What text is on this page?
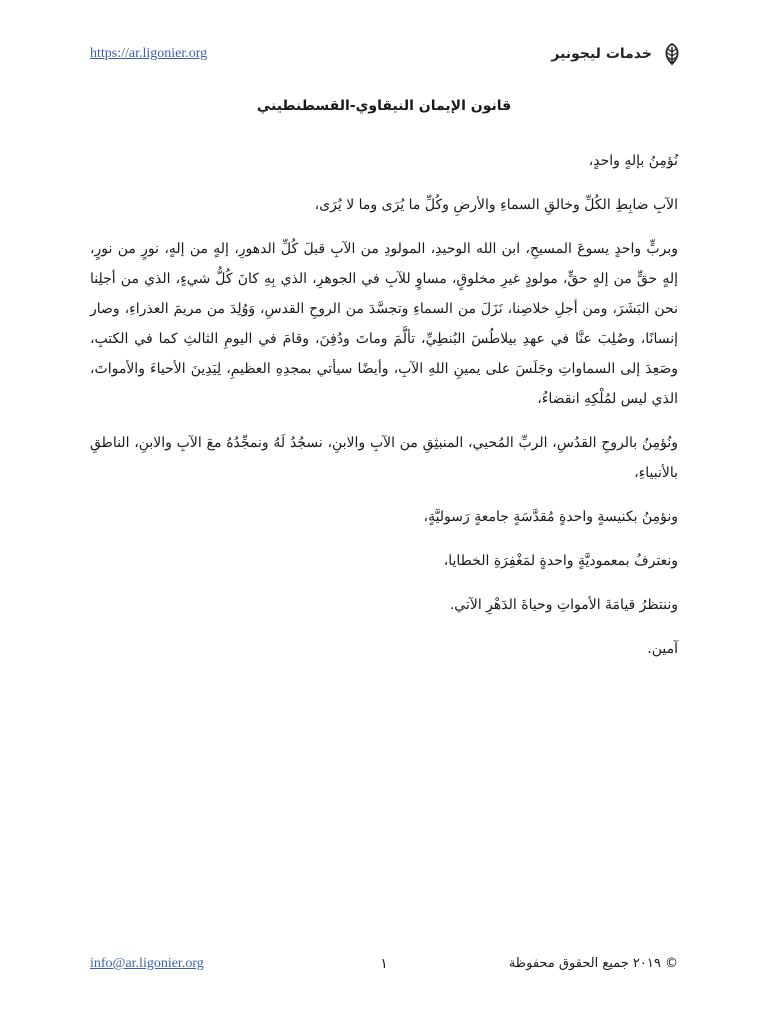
https://ar.ligonier.org	خدمات ليجونير
قانون الإيمان النيقاوي-القسطنطيني

نُؤمِنُ بإلهٍ واحدٍ،

الآبِ ضابِطِ الكُلِّ وخالقِ السماءِ والأرضِ وكُلِّ ما يُرَى وما لا يُرَى،

وبربٍّ واحدٍ يسوعَ المسيحِ، ابن الله الوحيدِ، المولودِ من الآبِ قبلَ كُلِّ الدهورِ، إلهٍ من إلهٍ، نورٍ من نورٍ، إلهٍ حقٍّ من إلهٍ حقٍّ، مولودٍ غيرِ مخلوقٍ، مساوٍ للآبِ في الجوهرِ، الذي بِهِ كانَ كُلُّ شيءٍ، الذي من أجلِنا نحن البَشَرَ، ومن أجلِ خلاصِنا، نَزَلَ من السماءِ وتجسَّدَ من الروحِ القدسِ، وَوُلِدَ من مريمَ العذراءِ، وصار إنسانًا، وصُلِبَ عنَّا في عهدِ بيلاطُسَ البُنطِيِّ، تألَّمَ وماتَ ودُفِنَ، وقامَ في اليومِ الثالثِ كما في الكتبِ، وصَعِدَ إلى السماواتِ وجَلَسَ على يمينِ اللهِ الآبِ، وأيضًا سيأتي بمجدِهِ العظيمِ، لِيَدِينَ الأحياءَ والأمواتَ، الذي ليس لمُلْكِهِ انقضاءُ،

ونُؤمِنُ بالروحِ القدُسِ، الربِّ المُحيي، المنبثِقِ من الآبِ والابنِ، نسجُدُ لَهُ ونمجِّدُهُ معَ الآبِ والابنِ، الناطقِ بالأنبياءِ،

ونؤمِنُ بكنيسةٍ واحدةٍ مُقدَّسَةٍ جامعةٍ رَسوليَّةٍ،

ونعترفُ بمعموديَّةٍ واحدةٍ لمَغْفِرَةِ الخطايا،

وننتظرُ قيامَةَ الأمواتِ وحياةَ الدَهْرِ الآتي.

آمين.

info@ar.ligonier.org	١	© ٢٠١٩ جميع الحقوق محفوظة
